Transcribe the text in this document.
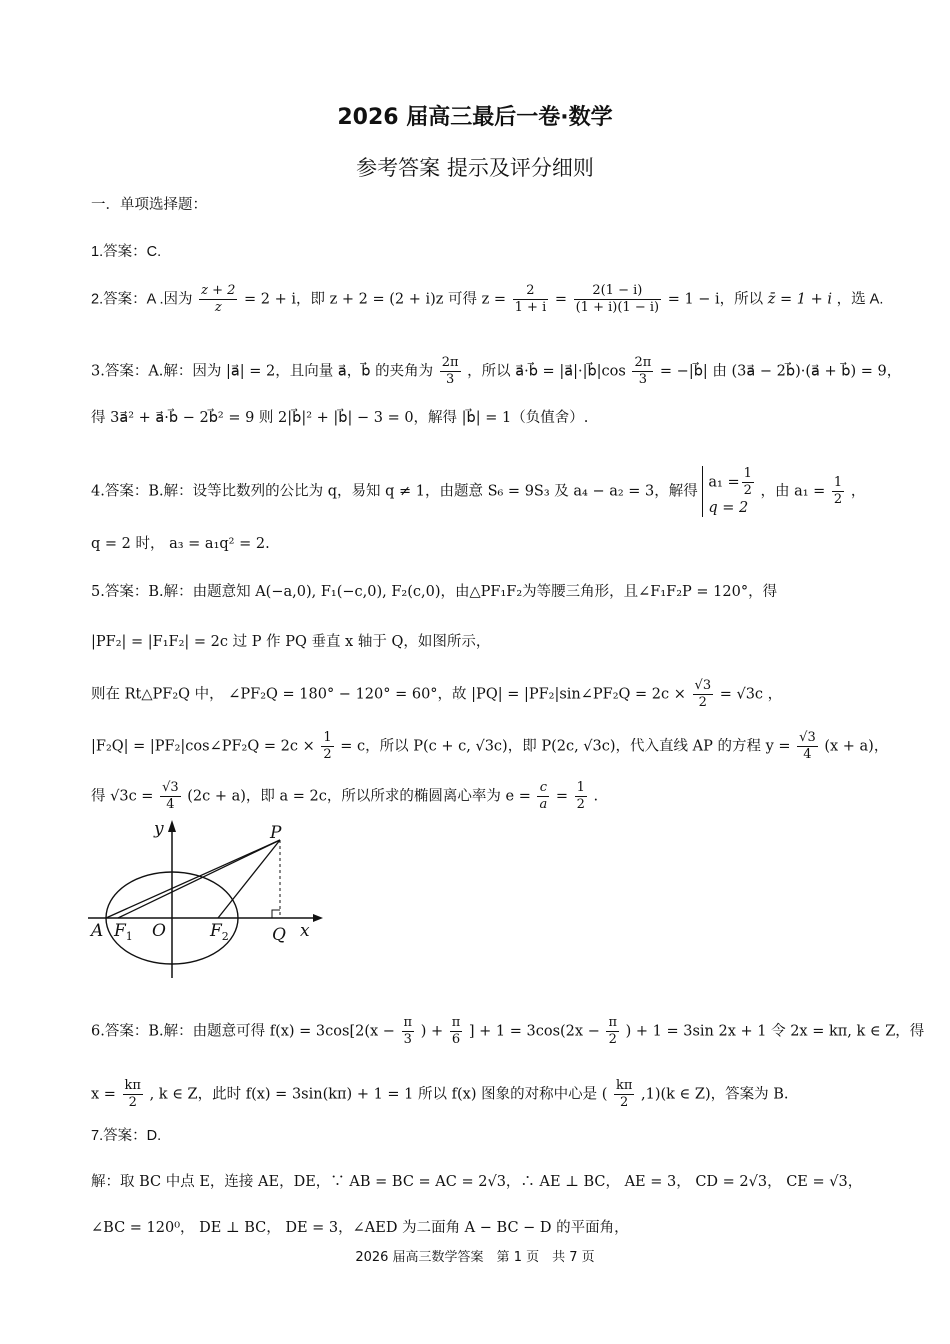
2026 届高三最后一卷·数学
参考答案 提示及评分细则
一．单项选择题：
1.答案：C.
2.答案：A .因为 $\frac{z + 2}{z} = 2 + i$，即 z + 2 = (2 + i)z 可得 $z = \frac{2}{1 + i} = \frac{2(1 - i)}{(1 + i)(1 - i)} = 1 - i$，所以 z̄ = 1 + i ，选 A.
3.答案：A.解：因为 |a⃗| = 2，且向量 a⃗，b⃗ 的夹角为 $\frac{2\pi}{3}$ ，所以 a⃗·b⃗ = |a⃗|·|b⃗|cos $\frac{2\pi}{3}$ = −|b⃗| 由 (3a⃗ − 2b⃗)·(a⃗ + b⃗) = 9，
得 3a⃗² + a⃗·b⃗ − 2b⃗² = 9 则 2|b⃗|² + |b⃗| − 3 = 0，解得 |b⃗| = 1（负值舍）.
4.答案：B.解：设等比数列的公比为 q，易知 q ≠ 1，由题意 S₆ = 9S₃ 及 a₄ − a₂ = 3，解得
$a_1 = \frac{1}{2}$
q = 2
，由 $a_1 = \frac{1}{2}$ ，
q = 2 时， a₃ = a₁q² = 2.
5.答案：B.解：由题意知 A(−a,0), F₁(−c,0), F₂(c,0)，由△PF₁F₂为等腰三角形，且∠F₁F₂P = 120°，得
|PF₂| = |F₁F₂| = 2c 过 P 作 PQ 垂直 x 轴于 Q，如图所示，
则在 Rt△PF₂Q 中， ∠PF₂Q = 180° − 120° = 60°，故 |PQ| = |PF₂|sin∠PF₂Q = $2c \times \frac{√3}{2} = √3c$ ，
|F₂Q| = |PF₂|cos∠PF₂Q = $2c \times \frac{1}{2} = c$，所以 P(c + c, √3c)，即 P(2c, √3c)，代入直线 AP 的方程 $y = \frac{√3}{4} (x + a)$，
得 $√3c = \frac{√3}{4} (2c + a)$，即 a = 2c，所以所求的椭圆离心率为 $e = \frac{c}{a} = \frac{1}{2}$ .
y
x
P
A $F_1$ O	$F_2$	Q
6.答案：B.解：由题意可得 $f(x) = 3\cos[2(x - \frac{\pi}{3}$ ) + $\frac{\pi}{6}$ ] + $1 = 3\cos(2x - \frac{\pi}{2}$ ) + 1 = 3sin 2x + 1 令 2x = kπ, k ∈ Z，得
$x = \frac{k\pi}{2}$ , k ∈ Z，此时 f(x) = 3sin(kπ) + 1 = 1 所以 f(x) 图象的对称中心是 ( $\frac{k\pi}{2} ,1)(k$ ∈ Z)，答案为 B.
7.答案：D.
解：取 BC 中点 E，连接 AE，DE，∵ AB = BC = AC = 2√3，∴ AE ⊥ BC， AE = 3， CD = 2√3， CE = √3，
∠BC = 120⁰， DE ⊥ BC， DE = 3，∠AED 为二面角 A − BC − D 的平面角，
2026 届高三数学答案　第 1 页　共 7 页
